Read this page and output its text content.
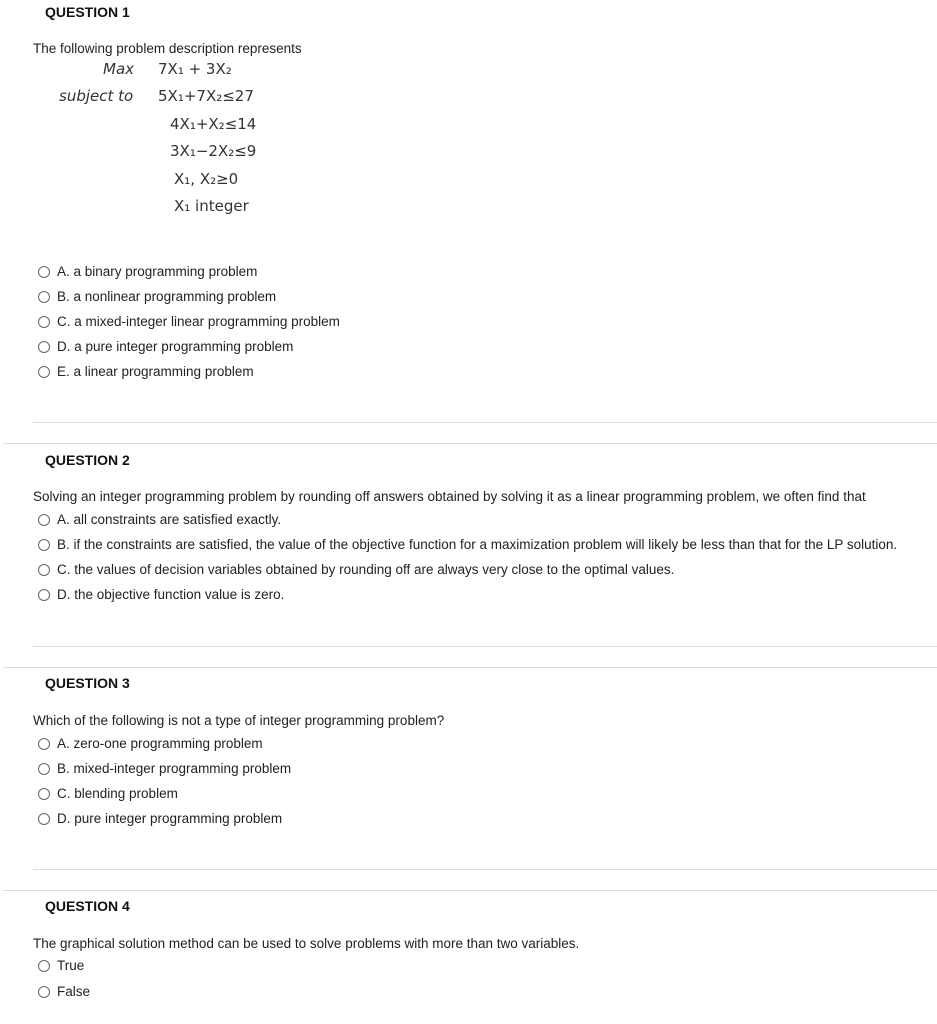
QUESTION 1
The following problem description represents
Max 7X₁ + 3X₂
subject to 5X₁+7X₂≤27
4X₁+X₂≤14
3X₁−2X₂≤9
X₁, X₂≥0
X₁ integer
A. a binary programming problem
B. a nonlinear programming problem
C. a mixed-integer linear programming problem
D. a pure integer programming problem
E. a linear programming problem
QUESTION 2
Solving an integer programming problem by rounding off answers obtained by solving it as a linear programming problem, we often find that
A. all constraints are satisfied exactly.
B. if the constraints are satisfied, the value of the objective function for a maximization problem will likely be less than that for the LP solution.
C. the values of decision variables obtained by rounding off are always very close to the optimal values.
D. the objective function value is zero.
QUESTION 3
Which of the following is not a type of integer programming problem?
A. zero-one programming problem
B. mixed-integer programming problem
C. blending problem
D. pure integer programming problem
QUESTION 4
The graphical solution method can be used to solve problems with more than two variables.
True
False
